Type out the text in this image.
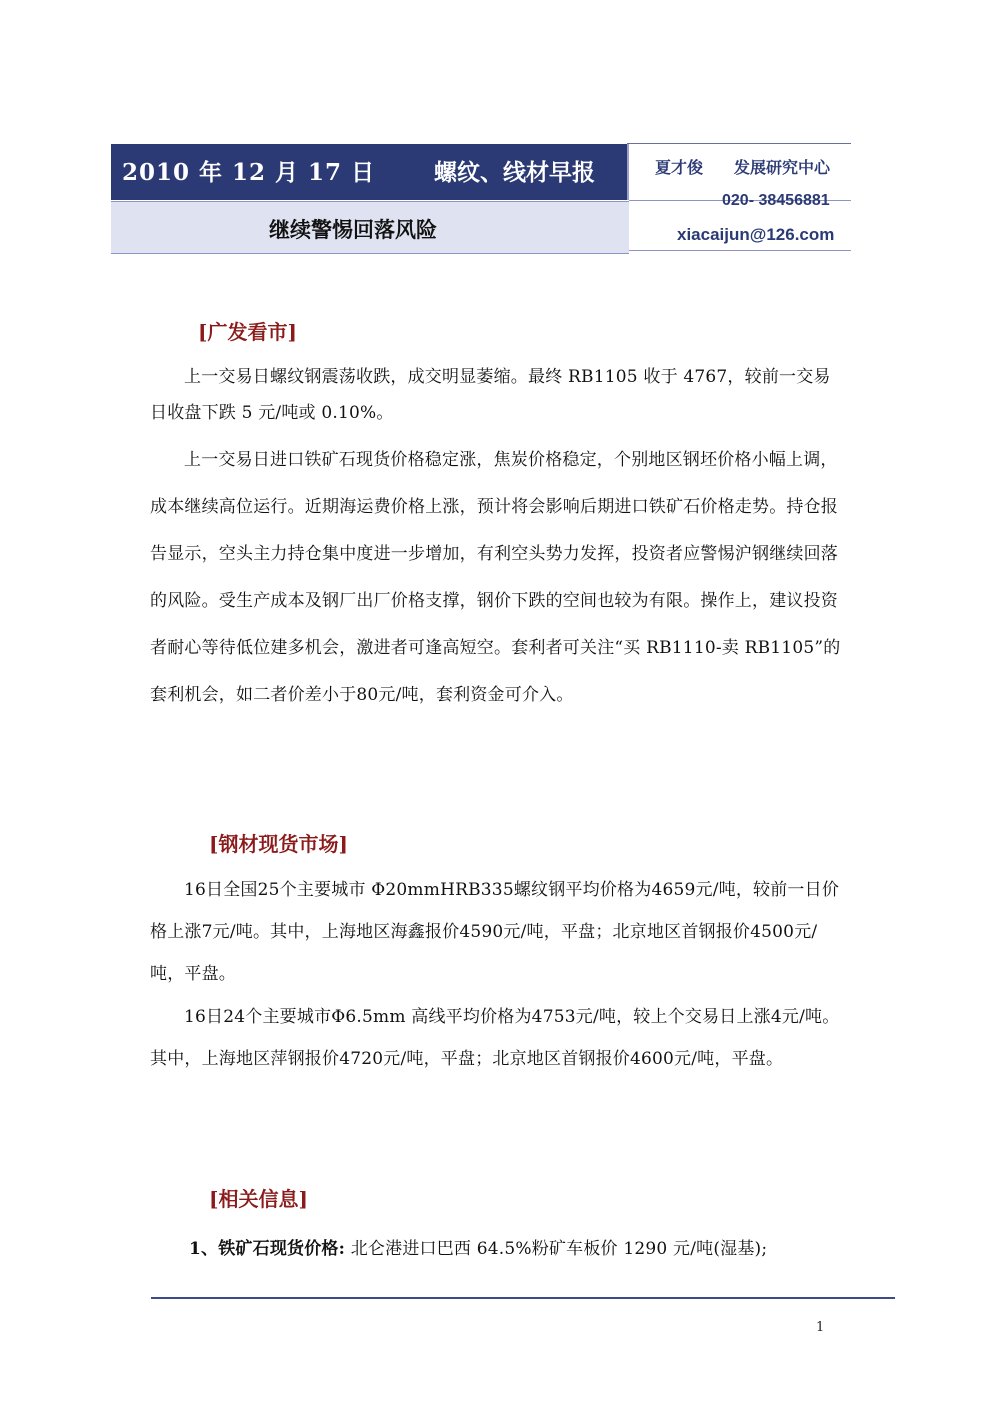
2010 年 12 月 17 日	螺纹、线材早报
继续警惕回落风险
夏才俊 发展研究中心
020- 38456881
xiacaijun@126.com
[广发看市]
上一交易日螺纹钢震荡收跌，成交明显萎缩。最终 RB1105 收于 4767，较前一交易日收盘下跌 5 元/吨或 0.10%。
上一交易日进口铁矿石现货价格稳定涨，焦炭价格稳定，个别地区钢坯价格小幅上调，成本继续高位运行。近期海运费价格上涨，预计将会影响后期进口铁矿石价格走势。持仓报告显示，空头主力持仓集中度进一步增加，有利空头势力发挥，投资者应警惕沪钢继续回落的风险。受生产成本及钢厂出厂价格支撑，钢价下跌的空间也较为有限。操作上，建议投资者耐心等待低位建多机会，激进者可逢高短空。套利者可关注“买 RB1110-卖 RB1105”的套利机会，如二者价差小于80元/吨，套利资金可介入。
[钢材现货市场]
16日全国25个主要城市 Φ20mmHRB335螺纹钢平均价格为4659元/吨，较前一日价格上涨7元/吨。其中，上海地区海鑫报价4590元/吨，平盘；北京地区首钢报价4500元/吨，平盘。
16日24个主要城市Φ6.5mm 高线平均价格为4753元/吨，较上个交易日上涨4元/吨。其中，上海地区萍钢报价4720元/吨，平盘；北京地区首钢报价4600元/吨，平盘。
[相关信息]
1、铁矿石现货价格: 北仑港进口巴西 64.5%粉矿车板价 1290 元/吨(湿基);
1
